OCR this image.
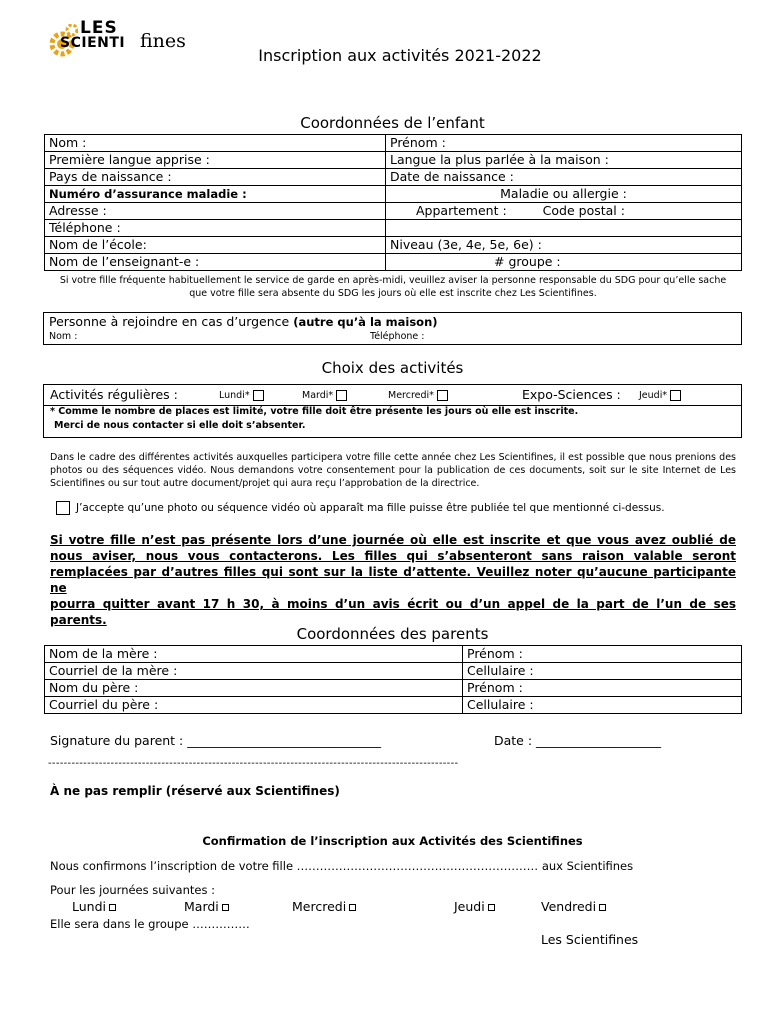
LES
SCIENTI fines
Inscription aux activités 2021-2022
Coordonnées de l’enfant
Nom :	Prénom :
Première langue apprise :	Langue la plus parlée à la maison :
Pays de naissance :	Date de naissance :
Numéro d’assurance maladie :	Maladie ou allergie :
Adresse :	Appartement : Code postal :
Téléphone :	
Nom de l’école:	Niveau (3e, 4e, 5e, 6e) :
Nom de l’enseignant-e :	# groupe :
Si votre fille fréquente habituellement le service de garde en après-midi, veuillez aviser la personne responsable du SDG pour qu’elle sache que votre fille sera absente du SDG les jours où elle est inscrite chez Les Scientifines.
Personne à rejoindre en cas d’urgence (autre qu’à la maison)
Nom :	Téléphone :
Choix des activités
Activités régulières :	Lundi*	Mardi*	Mercredi*	Expo-Sciences : Jeudi*
* Comme le nombre de places est limité, votre fille doit être présente les jours où elle est inscrite.
Merci de nous contacter si elle doit s’absenter.
Dans le cadre des différentes activités auxquelles participera votre fille cette année chez Les Scientifines, il est possible que nous prenions des photos ou des séquences vidéo. Nous demandons votre consentement pour la publication de ces documents, soit sur le site Internet de Les Scientifines ou sur tout autre document/projet qui aura reçu l’approbation de la directrice.
J’accepte qu’une photo ou séquence vidéo où apparaît ma fille puisse être publiée tel que mentionné ci-dessus.
Si votre fille n’est pas présente lors d’une journée où elle est inscrite et que vous avez oublié de
nous aviser, nous vous contacterons. Les filles qui s’absenteront sans raison valable seront
remplacées par d’autres filles qui sont sur la liste d’attente. Veuillez noter qu’aucune participante ne
pourra quitter avant 17 h 30, à moins d’un avis écrit ou d’un appel de la part de l’un de ses
parents.
Coordonnées des parents
Nom de la mère :	Prénom :
Courriel de la mère :	Cellulaire :
Nom du père :	Prénom :
Courriel du père :	Cellulaire :
Signature du parent : _______________________________	Date : ____________________
---------------------------------------------------------------------------------------------------------
À ne pas remplir (réservé aux Scientifines)
Confirmation de l’inscription aux Activités des Scientifines
Nous confirmons l’inscription de votre fille ……………………………………………………… aux Scientifines
Pour les journées suivantes :
Lundi	Mardi	Mercredi	Jeudi	Vendredi
Elle sera dans le groupe ……………
Les Scientifines
